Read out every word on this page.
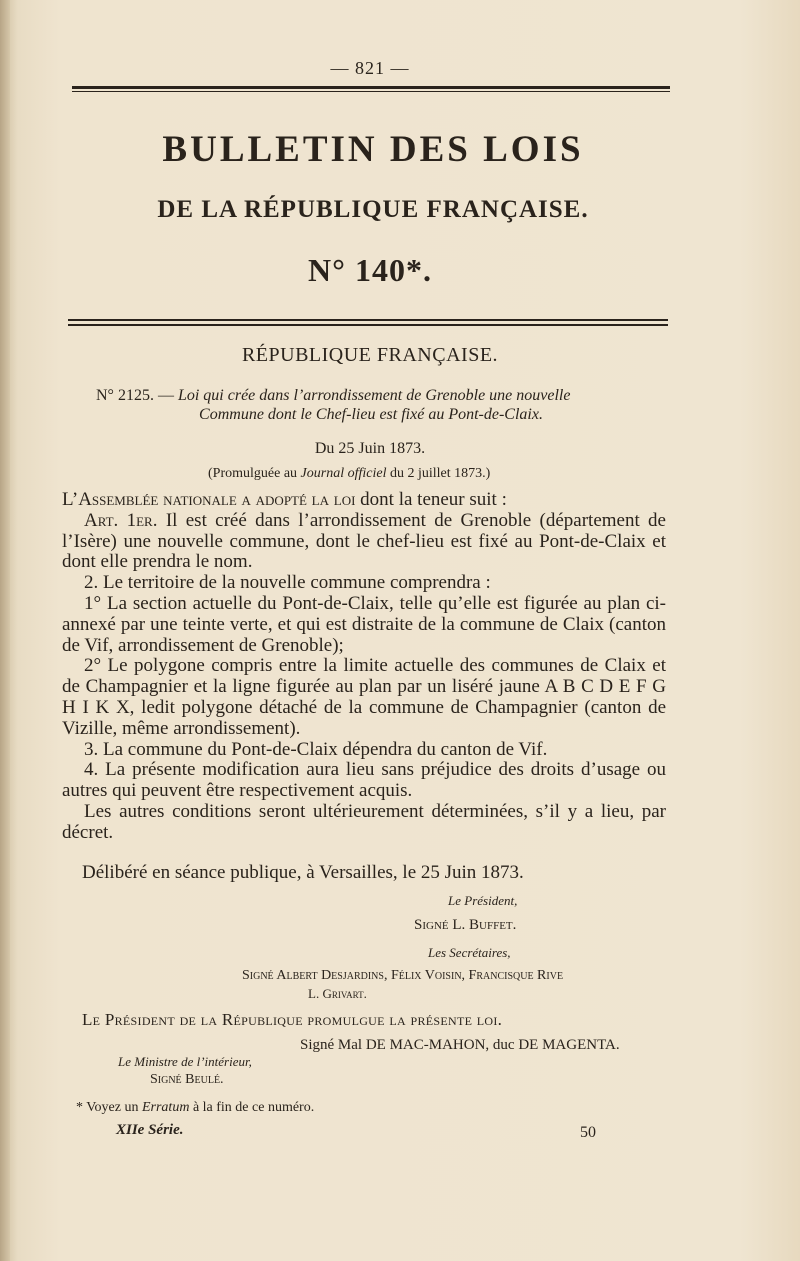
— 821 —
BULLETIN DES LOIS
DE LA RÉPUBLIQUE FRANÇAISE.
N° 140*.
RÉPUBLIQUE FRANÇAISE.
N° 2125. — Loi qui crée dans l’arrondissement de Grenoble une nouvelle
Commune dont le Chef-lieu est fixé au Pont-de-Claix.
Du 25 Juin 1873.
(Promulguée au Journal officiel du 2 juillet 1873.)

L’Assemblée nationale a adopté la loi dont la teneur suit :

Art. 1er. Il est créé dans l’arrondissement de Grenoble (département de l’Isère) une nouvelle commune, dont le chef-lieu est fixé au Pont-de-Claix et dont elle prendra le nom.

2. Le territoire de la nouvelle commune comprendra :

1° La section actuelle du Pont-de-Claix, telle qu’elle est figurée au plan ci-annexé par une teinte verte, et qui est distraite de la commune de Claix (canton de Vif, arrondissement de Grenoble);

2° Le polygone compris entre la limite actuelle des communes de Claix et de Champagnier et la ligne figurée au plan par un liséré jaune A B C D E F G H I K X, ledit polygone détaché de la commune de Champagnier (canton de Vizille, même arrondissement).

3. La commune du Pont-de-Claix dépendra du canton de Vif.

4. La présente modification aura lieu sans préjudice des droits d’usage ou autres qui peuvent être respectivement acquis.

Les autres conditions seront ultérieurement déterminées, s’il y a lieu, par décret.

Délibéré en séance publique, à Versailles, le 25 Juin 1873.
Le Président,
Signé L. Buffet.
Les Secrétaires,
Signé Albert Desjardins, Félix Voisin, Francisque Rive
L. Grivart.
Le Président de la République promulgue la présente loi.
Signé Mal DE MAC-MAHON, duc DE MAGENTA.
Le Ministre de l’intérieur,
Signé Beulé.
* Voyez un Erratum à la fin de ce numéro.
XIIe Série.	50
